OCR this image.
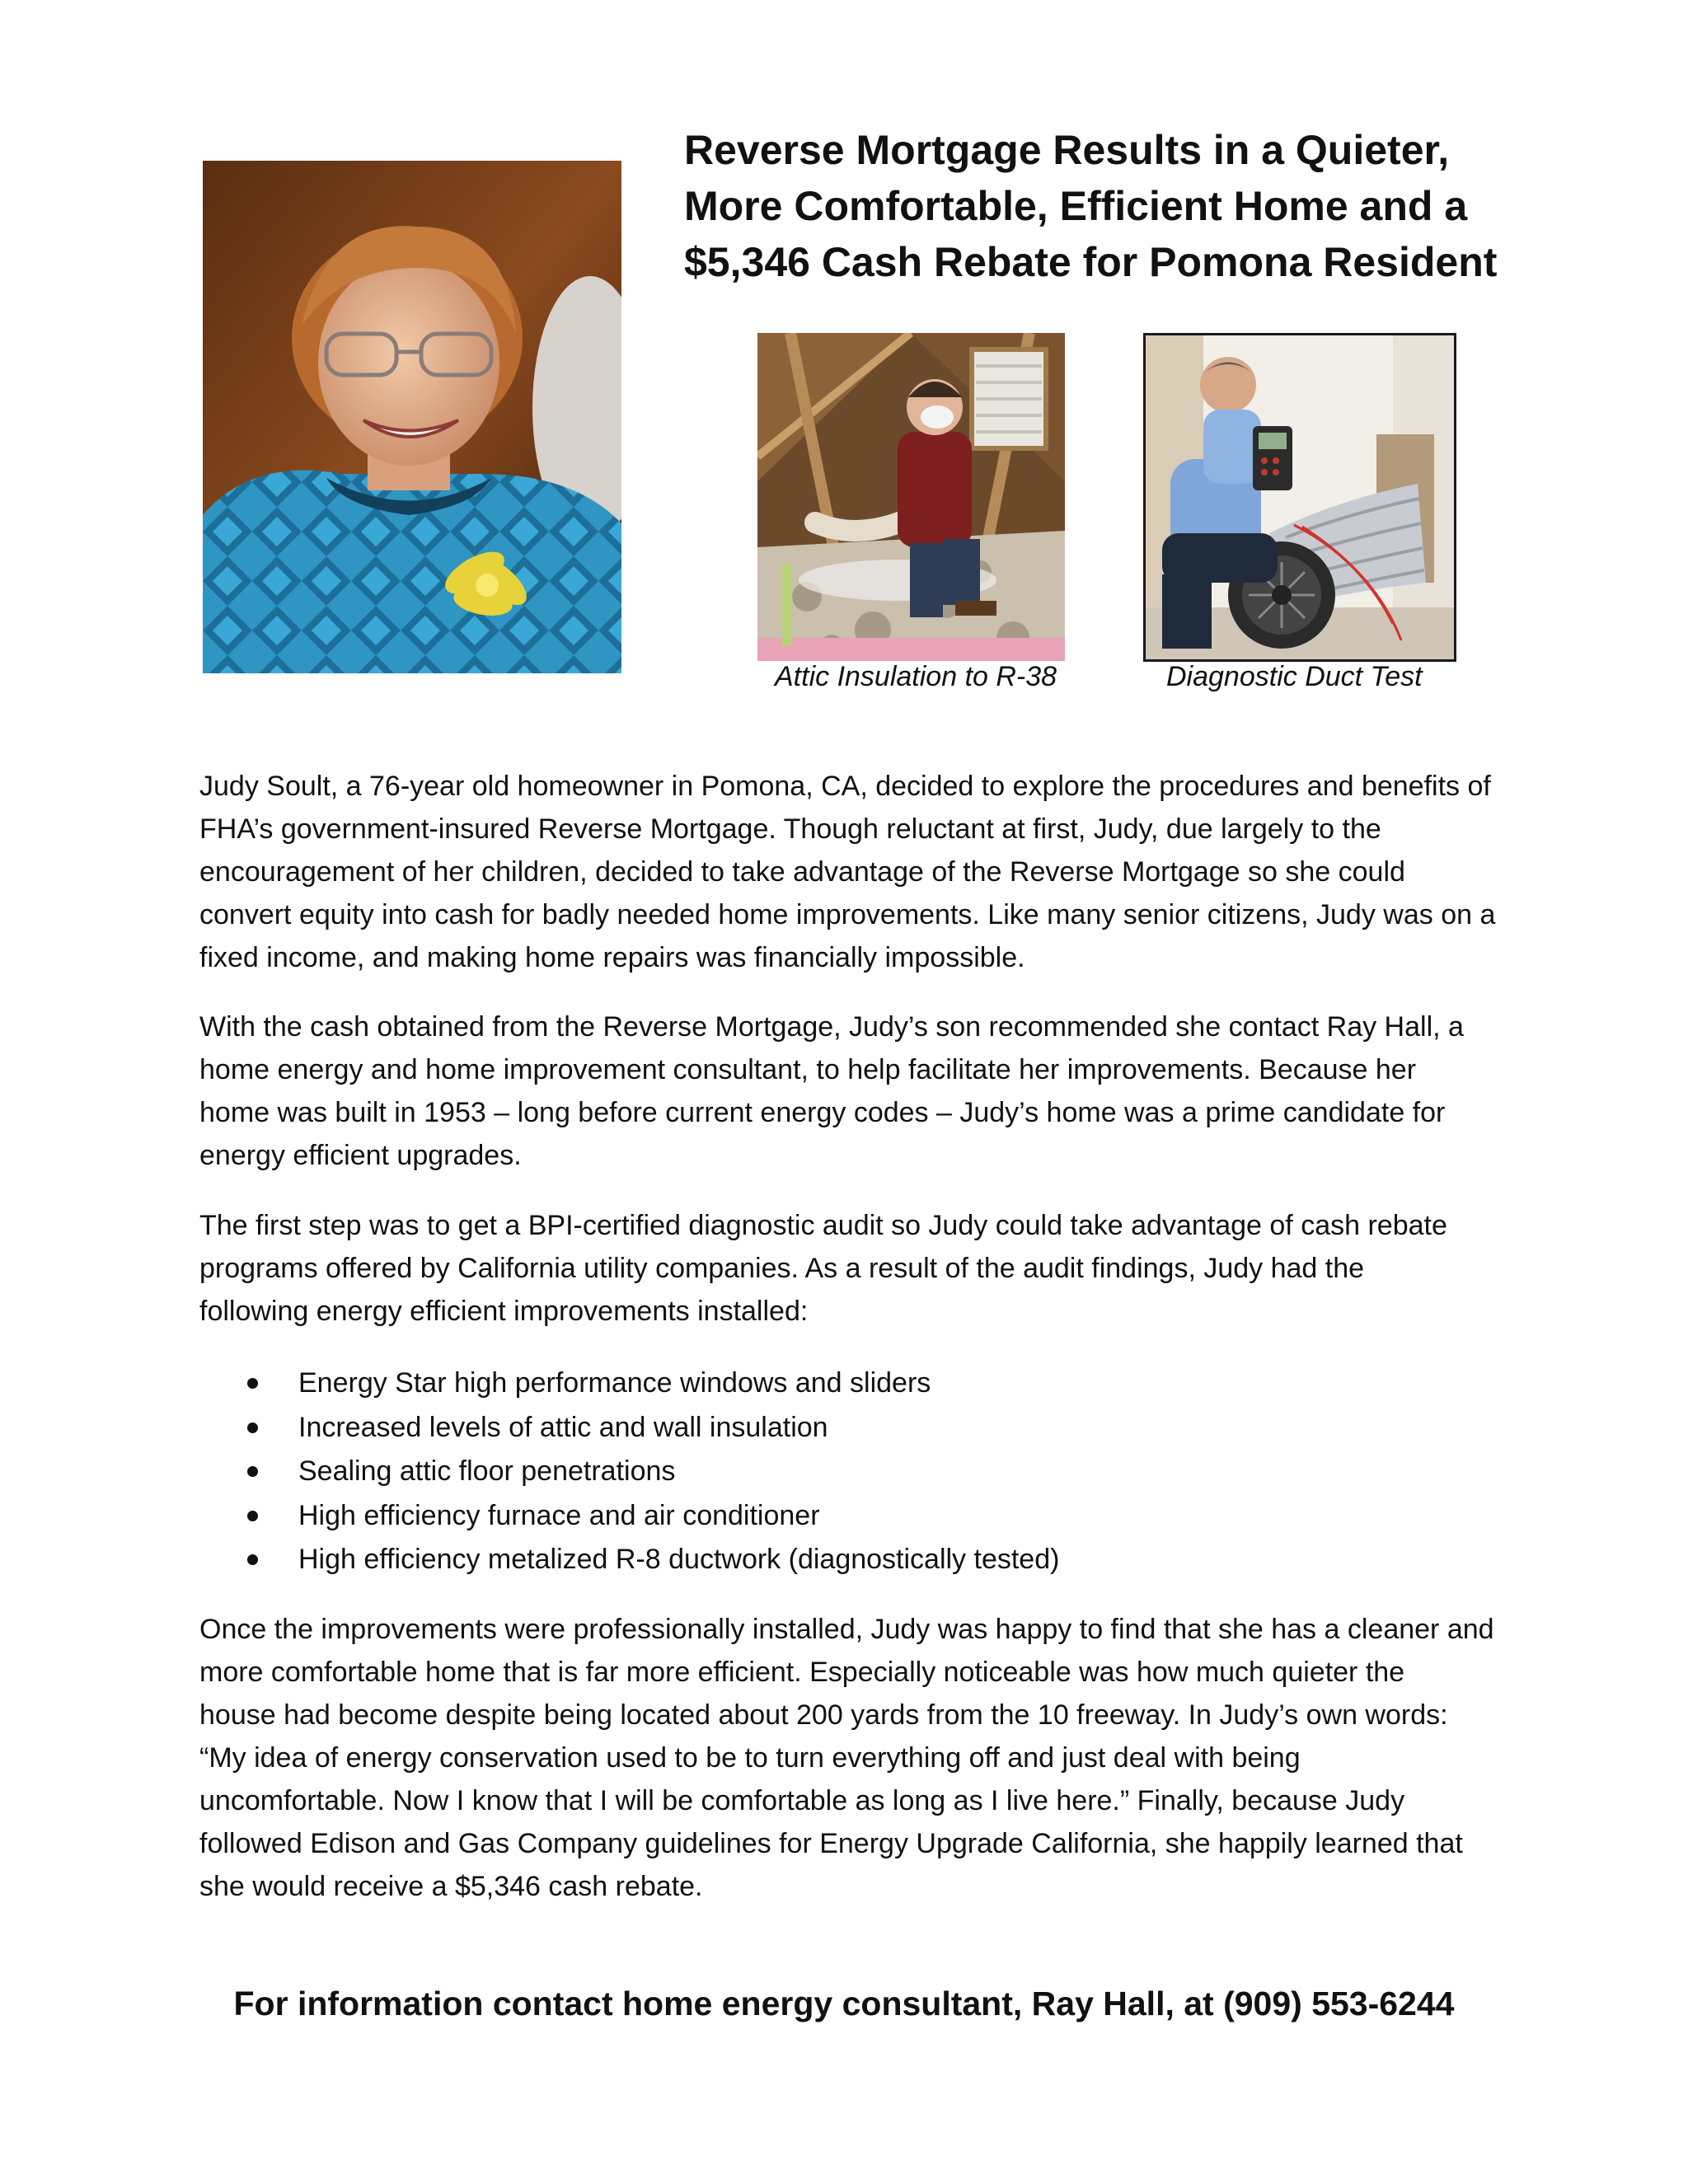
Reverse Mortgage Results in a Quieter,
More Comfortable, Efficient Home and a
$5,346 Cash Rebate for Pomona Resident
Attic Insulation to R-38	Diagnostic Duct Test
Judy Soult, a 76-year old homeowner in Pomona, CA, decided to explore the procedures and benefits of
FHA’s government-insured Reverse Mortgage. Though reluctant at first, Judy, due largely to the
encouragement of her children, decided to take advantage of the Reverse Mortgage so she could
convert equity into cash for badly needed home improvements. Like many senior citizens, Judy was on a
fixed income, and making home repairs was financially impossible.
With the cash obtained from the Reverse Mortgage, Judy’s son recommended she contact Ray Hall, a
home energy and home improvement consultant, to help facilitate her improvements. Because her
home was built in 1953 – long before current energy codes – Judy’s home was a prime candidate for
energy efficient upgrades.
The first step was to get a BPI-certified diagnostic audit so Judy could take advantage of cash rebate
programs offered by California utility companies. As a result of the audit findings, Judy had the
following energy efficient improvements installed:
Energy Star high performance windows and sliders
Increased levels of attic and wall insulation
Sealing attic floor penetrations
High efficiency furnace and air conditioner
High efficiency metalized R-8 ductwork (diagnostically tested)
Once the improvements were professionally installed, Judy was happy to find that she has a cleaner and
more comfortable home that is far more efficient. Especially noticeable was how much quieter the
house had become despite being located about 200 yards from the 10 freeway. In Judy’s own words:
“My idea of energy conservation used to be to turn everything off and just deal with being
uncomfortable. Now I know that I will be comfortable as long as I live here.” Finally, because Judy
followed Edison and Gas Company guidelines for Energy Upgrade California, she happily learned that
she would receive a $5,346 cash rebate.
For information contact home energy consultant, Ray Hall, at (909) 553-6244
